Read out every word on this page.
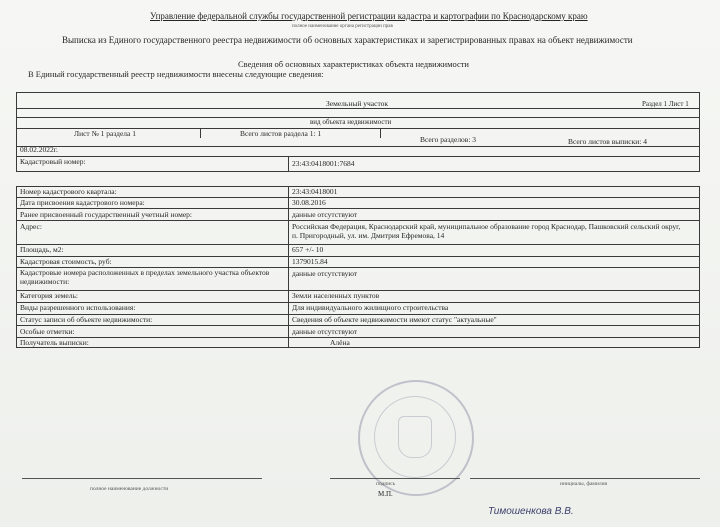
Управление федеральной службы государственной регистрации кадастра и картографии по Краснодарскому краю
полное наименование органа регистрации прав
Выписка из Единого государственного реестра недвижимости об основных характеристиках и зарегистрированных правах на объект недвижимости
Сведения об основных характеристиках объекта недвижимости
В Единый государственный реестр недвижимости внесены следующие сведения:
Раздел 1 Лист 1
Земельный участок
вид объекта недвижимости
Лист № 1 раздела 1	Всего листов раздела 1: 1
Всего разделов: 3	Всего листов выписки: 4
08.02.2022г.
Кадастровый номер:	23:43:0418001:7684
Номер кадастрового квартала:	23:43:0418001
Дата присвоения кадастрового номера:	30.08.2016
Ранее присвоенный государственный учетный номер:	данные отсутствуют
Адрес:	Российская Федерация, Краснодарский край, муниципальное образование город Краснодар, Пашковский сельский округ, п. Пригородный, ул. им. Дмитрия Ефремова, 14
Площадь, м2:	657 +/- 10
Кадастровая стоимость, руб:	1379015.84
Кадастровые номера расположенных в пределах земельного участка объектов недвижимости:
данные отсутствуют
Категория земель:	Земли населенных пунктов
Виды разрешенного использования:	Для индивидуального жилищного строительства
Статус записи об объекте недвижимости:	Сведения об объекте недвижимости имеют статус "актуальные"
Особые отметки:	данные отсутствуют
Получатель выписки:	Алёна
полное наименование должности
подпись	инициалы, фамилия
М.П.
Тимошенкова В.В.
